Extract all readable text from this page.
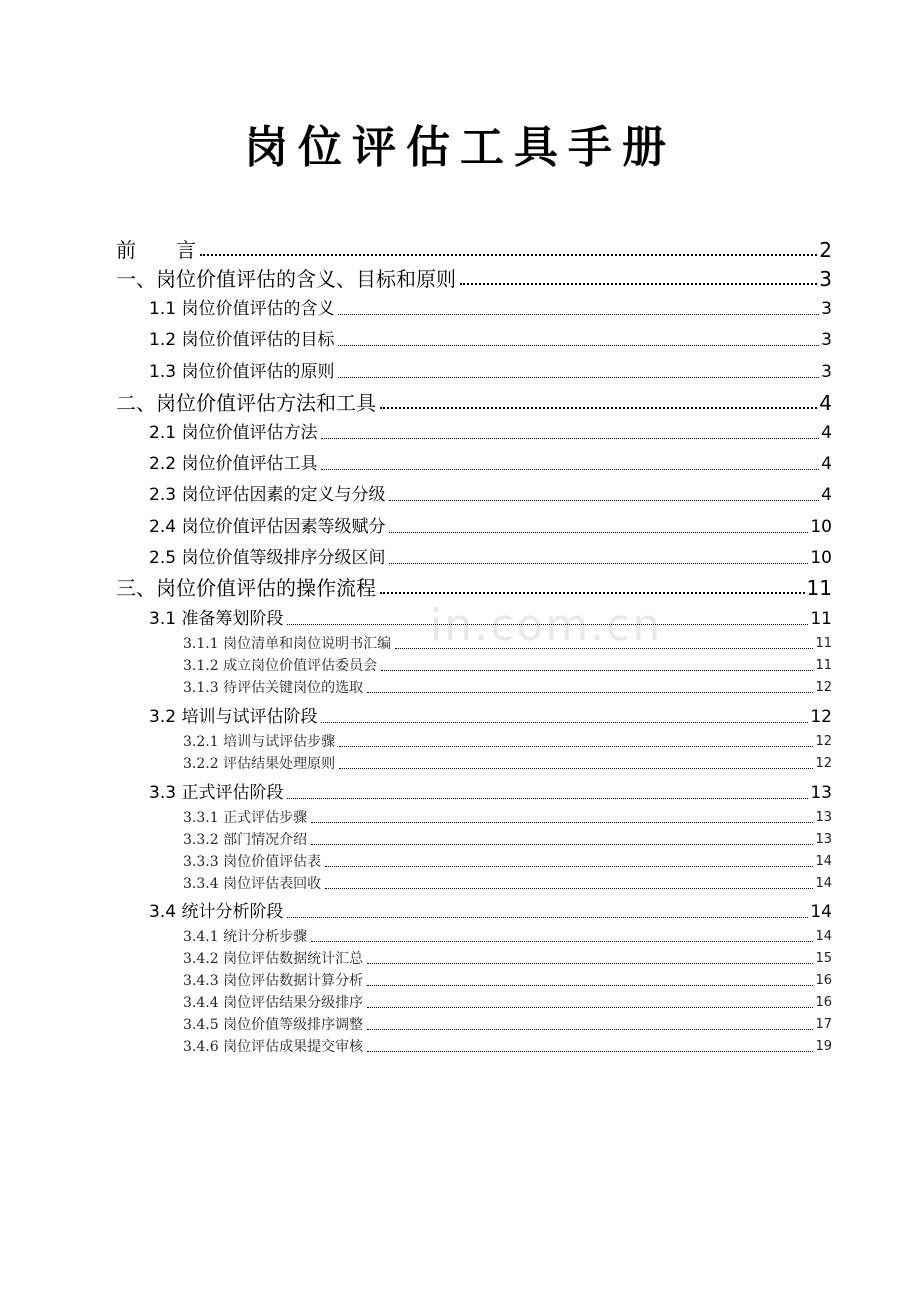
in.com.cn
岗位评估工具手册
前　　言	2
一、岗位价值评估的含义、目标和原则	3
1.1 岗位价值评估的含义	3
1.2 岗位价值评估的目标	3
1.3 岗位价值评估的原则	3
二、岗位价值评估方法和工具	4
2.1 岗位价值评估方法	4
2.2 岗位价值评估工具	4
2.3 岗位评估因素的定义与分级	4
2.4 岗位价值评估因素等级赋分	10
2.5 岗位价值等级排序分级区间	10
三、岗位价值评估的操作流程	11
3.1 准备筹划阶段	11
3.1.1 岗位清单和岗位说明书汇编	11
3.1.2 成立岗位价值评估委员会	11
3.1.3 待评估关键岗位的选取	12
3.2 培训与试评估阶段	12
3.2.1 培训与试评估步骤	12
3.2.2 评估结果处理原则	12
3.3 正式评估阶段	13
3.3.1 正式评估步骤	13
3.3.2 部门情况介绍	13
3.3.3 岗位价值评估表	14
3.3.4 岗位评估表回收	14
3.4 统计分析阶段	14
3.4.1 统计分析步骤	14
3.4.2 岗位评估数据统计汇总	15
3.4.3 岗位评估数据计算分析	16
3.4.4 岗位评估结果分级排序	16
3.4.5 岗位价值等级排序调整	17
3.4.6 岗位评估成果提交审核	19
